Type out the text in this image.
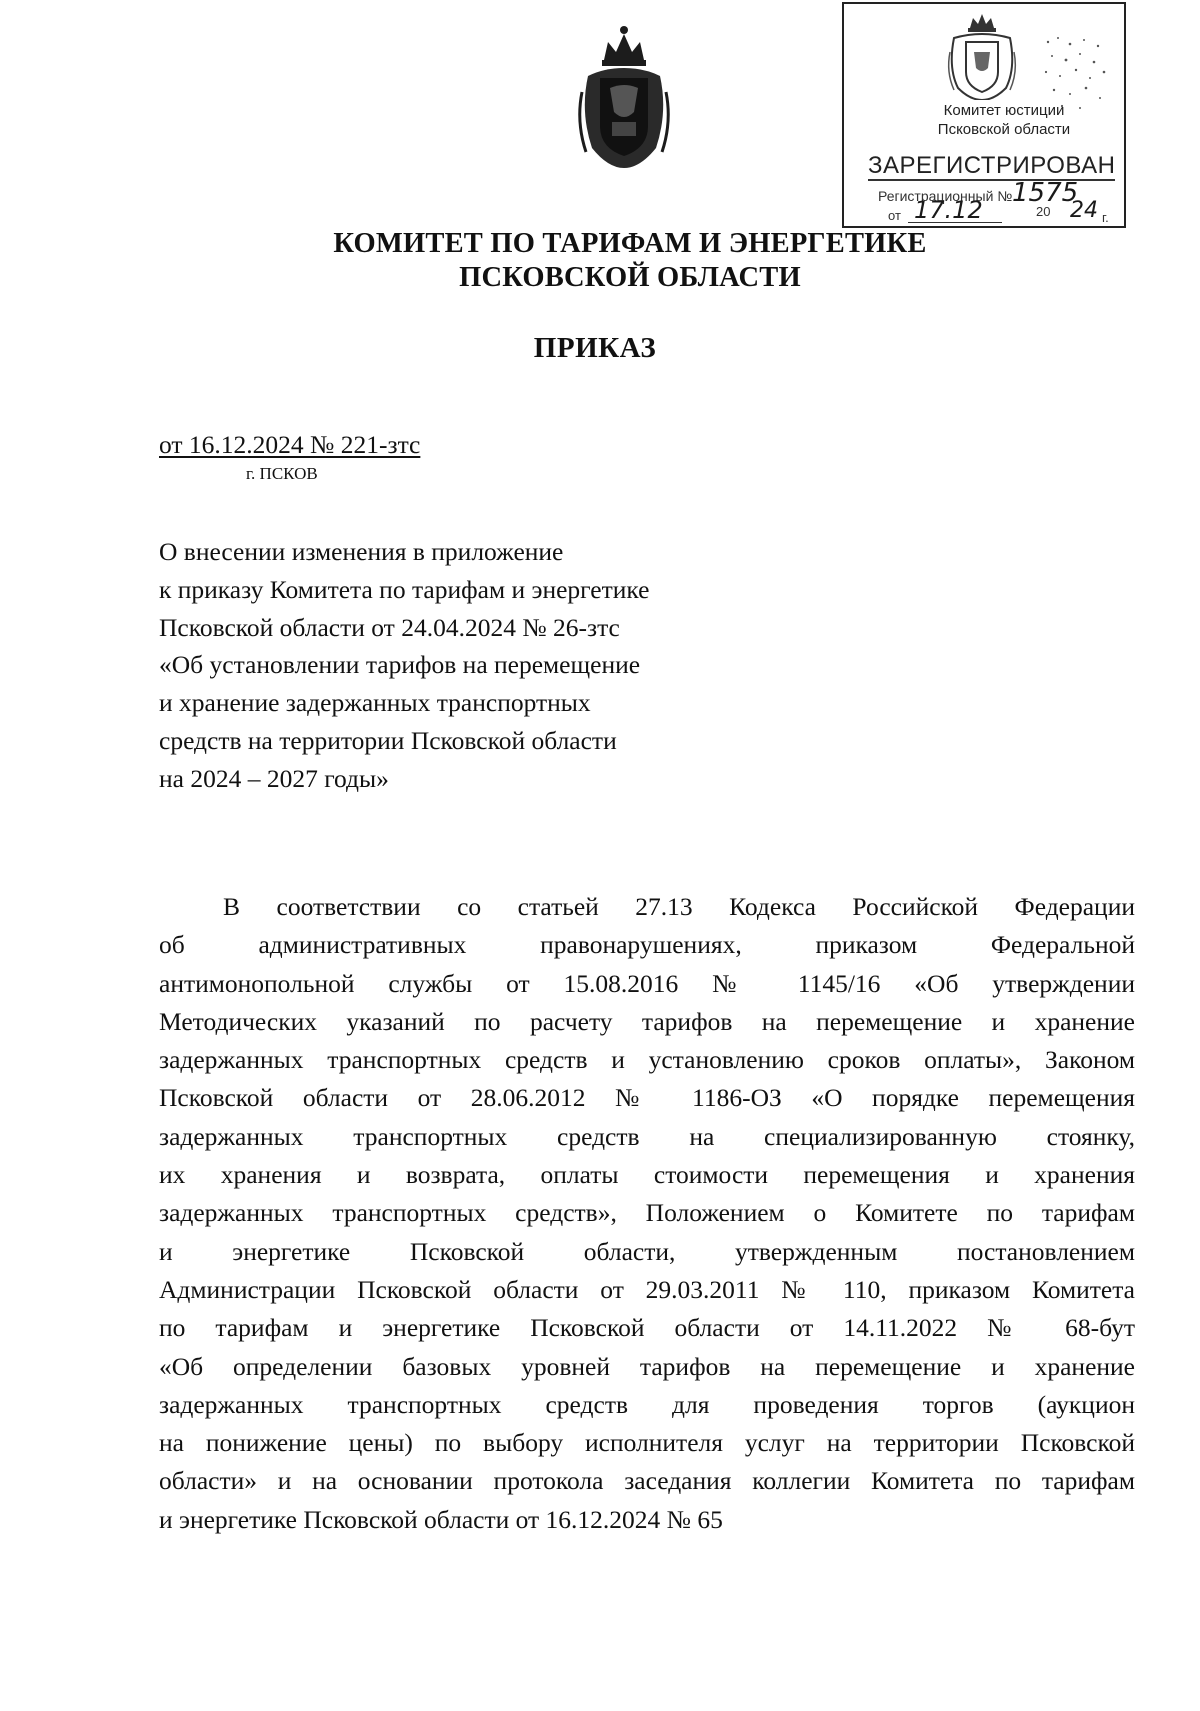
Комитет юстиции
Псковской области
ЗАРЕГИСТРИРОВАН
Регистрационный № 1575
от 17.12	20 24 г.
КОМИТЕТ ПО ТАРИФАМ И ЭНЕРГЕТИКЕ
ПСКОВСКОЙ ОБЛАСТИ
ПРИКАЗ
от 16.12.2024 № 221-зтс
г. ПСКОВ
О внесении изменения в приложение
к приказу Комитета по тарифам и энергетике
Псковской области от 24.04.2024 № 26-зтс
«Об установлении тарифов на перемещение
и хранение задержанных транспортных
средств на территории Псковской области
на 2024 – 2027 годы»
В соответствии со статьей 27.13 Кодекса Российской Федерации
об административных правонарушениях, приказом Федеральной
антимонопольной службы от 15.08.2016 № 1145/16 «Об утверждении
Методических указаний по расчету тарифов на перемещение и хранение
задержанных транспортных средств и установлению сроков оплаты», Законом
Псковской области от 28.06.2012 № 1186-ОЗ «О порядке перемещения
задержанных транспортных средств на специализированную стоянку,
их хранения и возврата, оплаты стоимости перемещения и хранения
задержанных транспортных средств», Положением о Комитете по тарифам
и энергетике Псковской области, утвержденным постановлением
Администрации Псковской области от 29.03.2011 № 110, приказом Комитета
по тарифам и энергетике Псковской области от 14.11.2022 № 68-бут
«Об определении базовых уровней тарифов на перемещение и хранение
задержанных транспортных средств для проведения торгов (аукцион
на понижение цены) по выбору исполнителя услуг на территории Псковской
области» и на основании протокола заседания коллегии Комитета по тарифам
и энергетике Псковской области от 16.12.2024 № 65
